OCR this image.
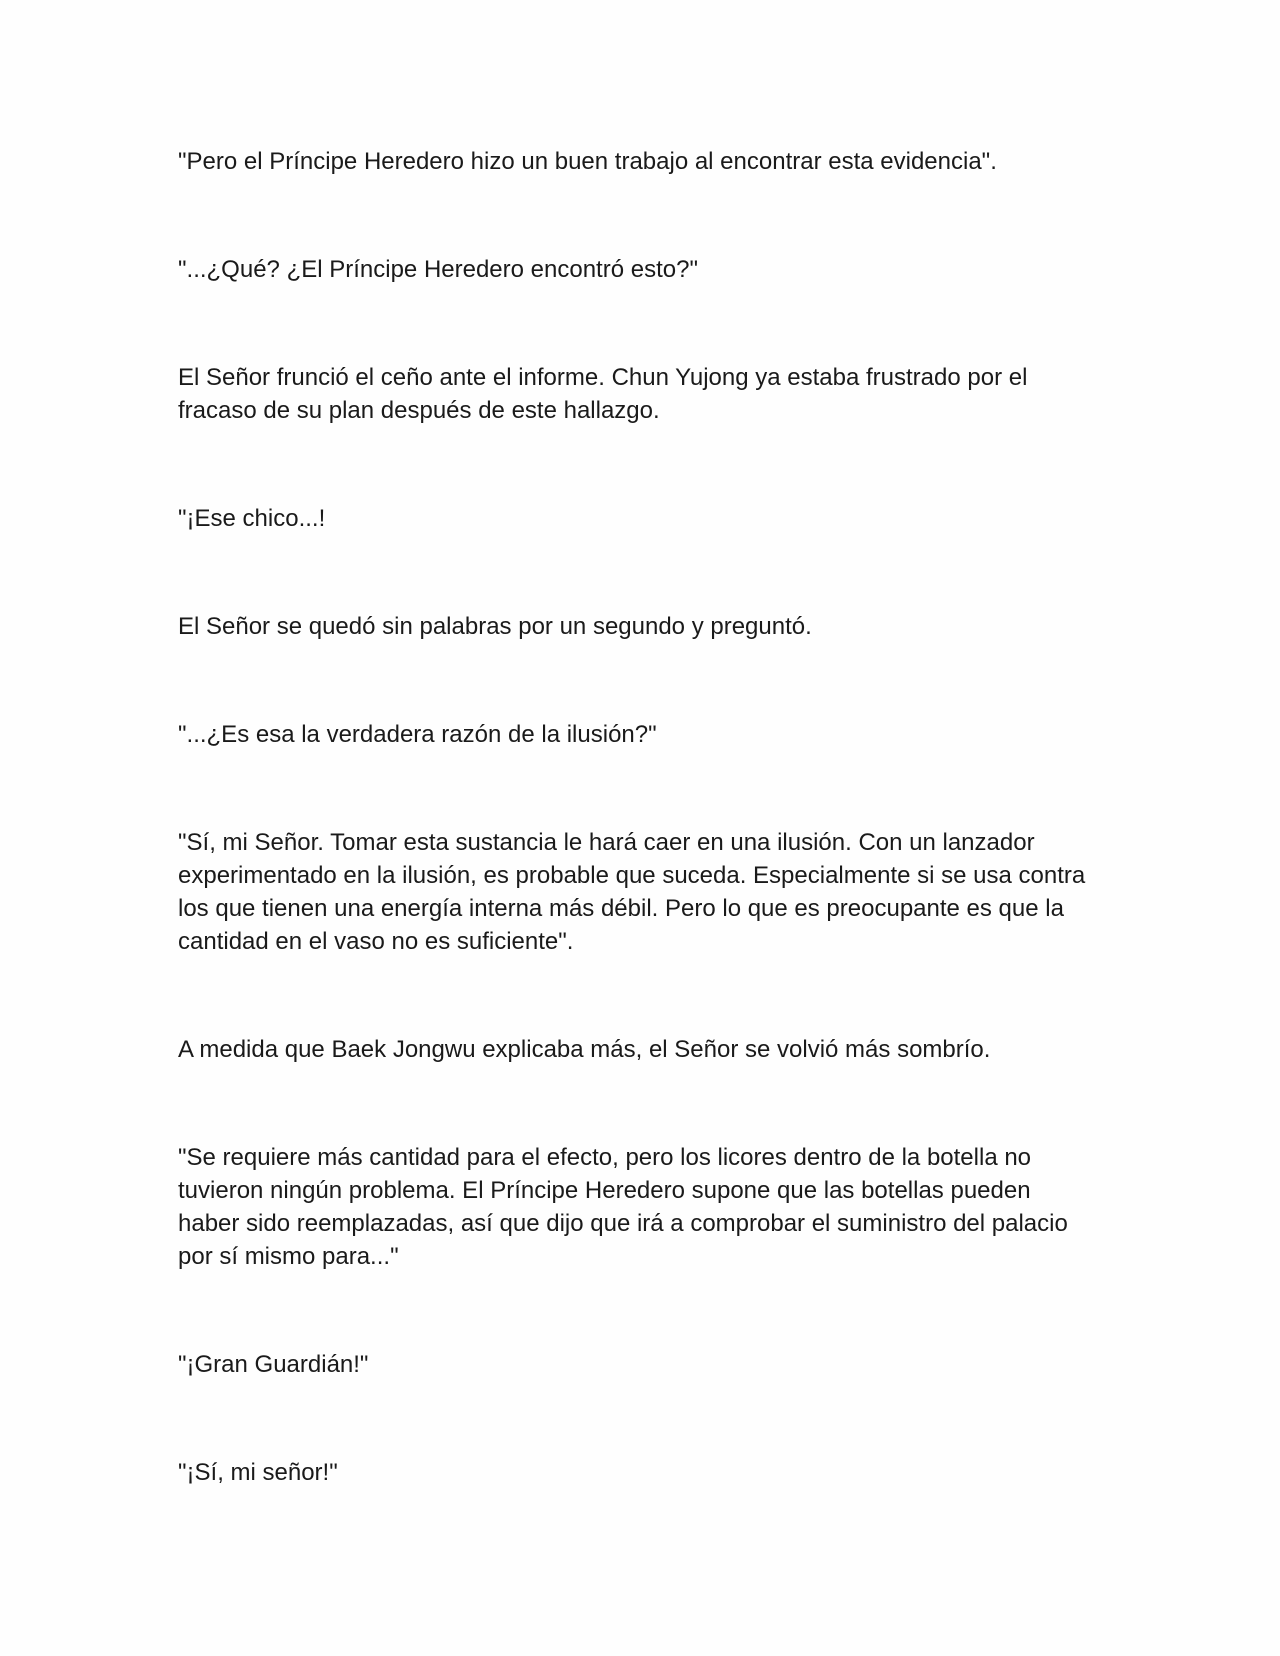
"Pero el Príncipe Heredero hizo un buen trabajo al encontrar esta evidencia".

"...¿Qué? ¿El Príncipe Heredero encontró esto?"

El Señor frunció el ceño ante el informe. Chun Yujong ya estaba frustrado por el fracaso de su plan después de este hallazgo.

"¡Ese chico...!

El Señor se quedó sin palabras por un segundo y preguntó.

"...¿Es esa la verdadera razón de la ilusión?"

"Sí, mi Señor. Tomar esta sustancia le hará caer en una ilusión. Con un lanzador experimentado en la ilusión, es probable que suceda. Especialmente si se usa contra los que tienen una energía interna más débil. Pero lo que es preocupante es que la cantidad en el vaso no es suficiente".

A medida que Baek Jongwu explicaba más, el Señor se volvió más sombrío.

"Se requiere más cantidad para el efecto, pero los licores dentro de la botella no tuvieron ningún problema. El Príncipe Heredero supone que las botellas pueden haber sido reemplazadas, así que dijo que irá a comprobar el suministro del palacio por sí mismo para..."

"¡Gran Guardián!"

"¡Sí, mi señor!"
